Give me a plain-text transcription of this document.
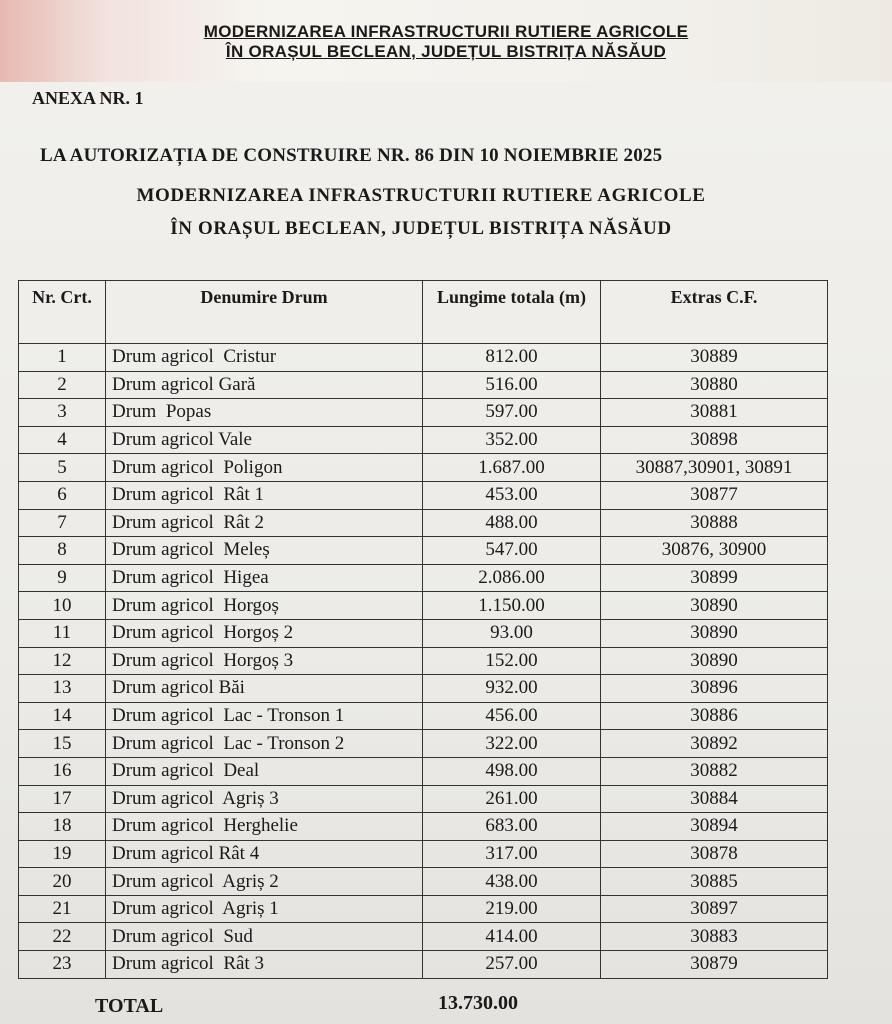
MODERNIZAREA INFRASTRUCTURII RUTIERE AGRICOLE
ÎN ORAȘUL BECLEAN, JUDEȚUL BISTRIȚA NĂSĂUD
ANEXA NR. 1
LA AUTORIZAȚIA DE CONSTRUIRE NR. 86 DIN 10 NOIEMBRIE 2025
MODERNIZAREA INFRASTRUCTURII RUTIERE AGRICOLE
ÎN ORAȘUL BECLEAN, JUDEȚUL BISTRIȚA NĂSĂUD
Nr. Crt.	Denumire Drum	Lungime totala (m)	Extras C.F.
1	Drum agricol  Cristur	812.00	30889
2	Drum agricol Gară	516.00	30880
3	Drum  Popas	597.00	30881
4	Drum agricol Vale	352.00	30898
5	Drum agricol  Poligon	1.687.00	30887,30901, 30891
6	Drum agricol  Rât 1	453.00	30877
7	Drum agricol  Rât 2	488.00	30888
8	Drum agricol  Meleș	547.00	30876, 30900
9	Drum agricol  Higea	2.086.00	30899
10	Drum agricol  Horgoș	1.150.00	30890
11	Drum agricol  Horgoș 2	93.00	30890
12	Drum agricol  Horgoș 3	152.00	30890
13	Drum agricol Băi	932.00	30896
14	Drum agricol  Lac - Tronson 1	456.00	30886
15	Drum agricol  Lac - Tronson 2	322.00	30892
16	Drum agricol  Deal	498.00	30882
17	Drum agricol  Agriș 3	261.00	30884
18	Drum agricol  Herghelie	683.00	30894
19	Drum agricol Rât 4	317.00	30878
20	Drum agricol  Agriș 2	438.00	30885
21	Drum agricol  Agriș 1	219.00	30897
22	Drum agricol  Sud	414.00	30883
23	Drum agricol  Rât 3	257.00	30879
TOTAL	13.730.00
